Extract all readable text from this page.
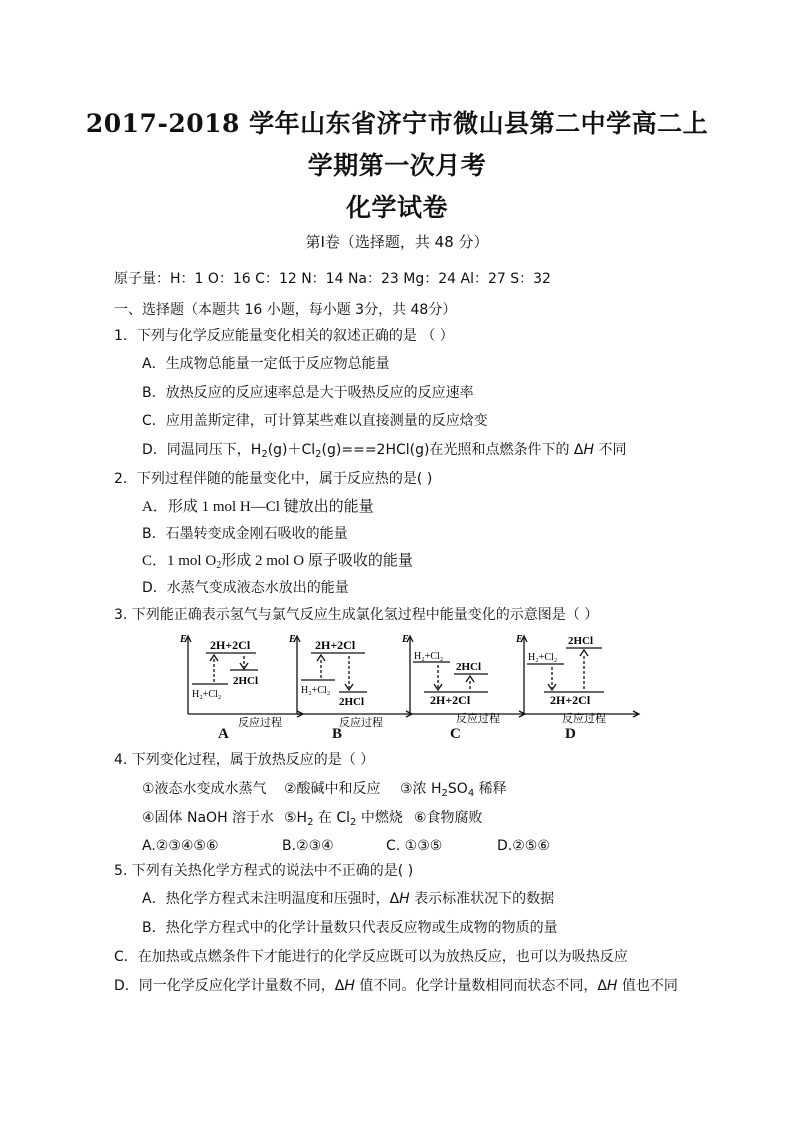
2017-2018 学年山东省济宁市微山县第二中学高二上
学期第一次月考
化学试卷
第Ⅰ卷（选择题，共 48 分）
原子量：H：1 O：16 C：12 N：14 Na：23 Mg：24 Al：27 S：32
一、选择题（本题共 16 小题，每小题 3分，共 48分）
1．下列与化学反应能量变化相关的叙述正确的是 （ ）
A．生成物总能量一定低于反应物总能量
B．放热反应的反应速率总是大于吸热反应的反应速率
C．应用盖斯定律，可计算某些难以直接测量的反应焓变
D．同温同压下，$H_2(g)+Cl_2(g)===2HCl(g)$在光照和点燃条件下的 ΔH 不同
2．下列过程伴随的能量变化中，属于反应热的是( )
A．形成 1 mol H—Cl 键放出的能量
B．石墨转变成金刚石吸收的能量
C．1 mol $O_2$形成 2 mol O 原子吸收的能量
D．水蒸气变成液态水放出的能量
3. 下列能正确表示氢气与氯气反应生成氯化氢过程中能量变化的示意图是（ ）
E 2H+2Cl
2HCl
H₂+Cl₂
反应过程
A
E 2H+2Cl
H₂+Cl₂
2HCl
反应过程
B
E
H₂+Cl₂
2HCl
2H+2Cl
反应过程
C
E	2HCl
H₂+Cl₂
2H+2Cl
反应过程
D
4. 下列变化过程，属于放热反应的是（ ）
①液态水变成水蒸气 ②酸碱中和反应 ③浓 $H_2SO_4$ 稀释
④固体 NaOH 溶于水 $⑤H_2$ 在 $Cl_2$ 中燃烧 ⑥食物腐败
A.②③④⑤⑥	B.②③④	C. ①③⑤	D.②⑤⑥
5. 下列有关热化学方程式的说法中不正确的是( )
A．热化学方程式未注明温度和压强时，ΔH 表示标准状况下的数据
B．热化学方程式中的化学计量数只代表反应物或生成物的物质的量
C．在加热或点燃条件下才能进行的化学反应既可以为放热反应，也可以为吸热反应
D．同一化学反应化学计量数不同，ΔH 值不同。化学计量数相同而状态不同，ΔH 值也不同
